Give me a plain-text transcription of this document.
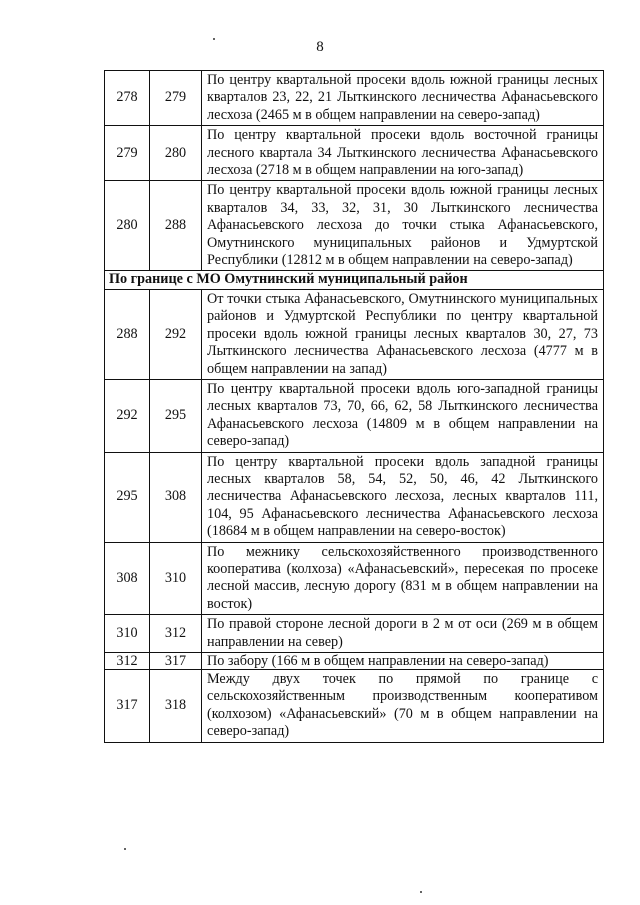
8
278	279	По центру квартальной просеки вдоль южной границы лесных кварталов 23, 22, 21 Лыткинского лесничества Афанасьевского лесхоза (2465 м в общем направлении на северо-запад)
279	280	По центру квартальной просеки вдоль восточной границы лесного квартала 34 Лыткинского лесничества Афанасьевского лесхоза (2718 м в общем направлении на юго-запад)
280	288	По центру квартальной просеки вдоль южной границы лесных кварталов 34, 33, 32, 31, 30 Лыткинского лесничества Афанасьевского лесхоза до точки стыка Афанасьевского, Омутнинского муниципальных районов и Удмуртской Республики (12812 м в общем направлении на северо-запад)
По границе с МО Омутнинский муниципальный район		
288	292	От точки стыка Афанасьевского, Омутнинского муниципальных районов и Удмуртской Республики по центру квартальной просеки вдоль южной границы лесных кварталов 30, 27, 73 Лыткинского лесничества Афанасьевского лесхоза (4777 м в общем направлении на запад)
292	295	По центру квартальной просеки вдоль юго-западной границы лесных кварталов 73, 70, 66, 62, 58 Лыткинского лесничества Афанасьевского лесхоза (14809 м в общем направлении на северо-запад)
295	308	По центру квартальной просеки вдоль западной границы лесных кварталов 58, 54, 52, 50, 46, 42 Лыткинского лесничества Афанасьевского лесхоза, лесных кварталов 111, 104, 95 Афанасьевского лесничества Афанасьевского лесхоза (18684 м в общем направлении на северо-восток)
308	310	По межнику сельскохозяйственного производственного кооператива (колхоза) «Афанасьевский», пересекая по просеке лесной массив, лесную дорогу (831 м в общем направлении на восток)
310	312	По правой стороне лесной дороги в 2 м от оси (269 м в общем направлении на север)
312	317	По забору (166 м в общем направлении на северо-запад)
317	318	Между двух точек по прямой по границе с сельскохозяйственным производственным кооперативом (колхозом) «Афанасьевский» (70 м в общем направлении на северо-запад)
